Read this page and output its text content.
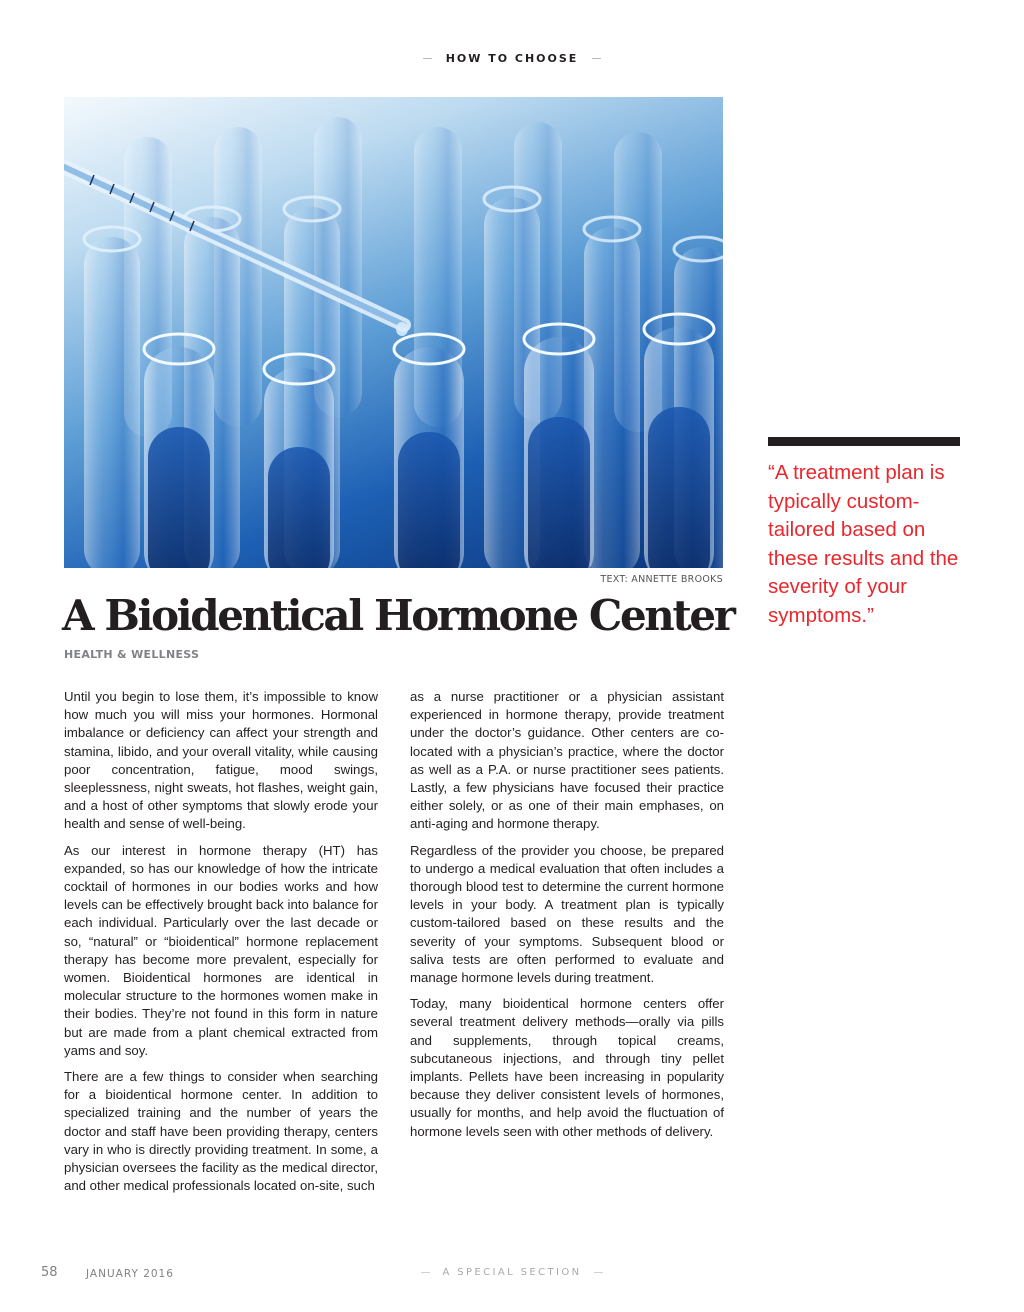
HOW TO CHOOSE
TEXT: ANNETTE BROOKS
A Bioidentical Hormone Center
HEALTH & WELLNESS

“A treatment plan is typically custom-tailored based on these results and the severity of your symptoms.”

Until you begin to lose them, it’s impossible to know how much you will miss your hormones. Hormonal imbalance or deficiency can affect your strength and stamina, libido, and your overall vitality, while causing poor concentration, fatigue, mood swings, sleeplessness, night sweats, hot flashes, weight gain, and a host of other symptoms that slowly erode your health and sense of well-being.

As our interest in hormone therapy (HT) has expanded, so has our knowledge of how the intricate cocktail of hormones in our bodies works and how levels can be effectively brought back into balance for each individual. Particularly over the last decade or so, “natural” or “bioidentical” hormone replacement therapy has become more prevalent, especially for women. Bioidentical hormones are identical in molecular structure to the hormones women make in their bodies. They’re not found in this form in nature but are made from a plant chemical extracted from yams and soy.

There are a few things to consider when searching for a bioidentical hormone center. In addition to specialized training and the number of years the doctor and staff have been providing therapy, centers vary in who is directly providing treatment. In some, a physician oversees the facility as the medical director, and other medical professionals located on-site, such

as a nurse practitioner or a physician assistant experienced in hormone therapy, provide treatment under the doctor’s guidance. Other centers are co-located with a physician’s practice, where the doctor as well as a P.A. or nurse practitioner sees patients. Lastly, a few physicians have focused their practice either solely, or as one of their main emphases, on anti-aging and hormone therapy.

Regardless of the provider you choose, be prepared to undergo a medical evaluation that often includes a thorough blood test to determine the current hormone levels in your body. A treatment plan is typically custom-tailored based on these results and the severity of your symptoms. Subsequent blood or saliva tests are often performed to evaluate and manage hormone levels during treatment.

Today, many bioidentical hormone centers offer several treatment delivery methods—orally via pills and supplements, through topical creams, subcutaneous injections, and through tiny pellet implants. Pellets have been increasing in popularity because they deliver consistent levels of hormones, usually for months, and help avoid the fluctuation of hormone levels seen with other methods of delivery.

58	JANUARY 2016	A SPECIAL SECTION
